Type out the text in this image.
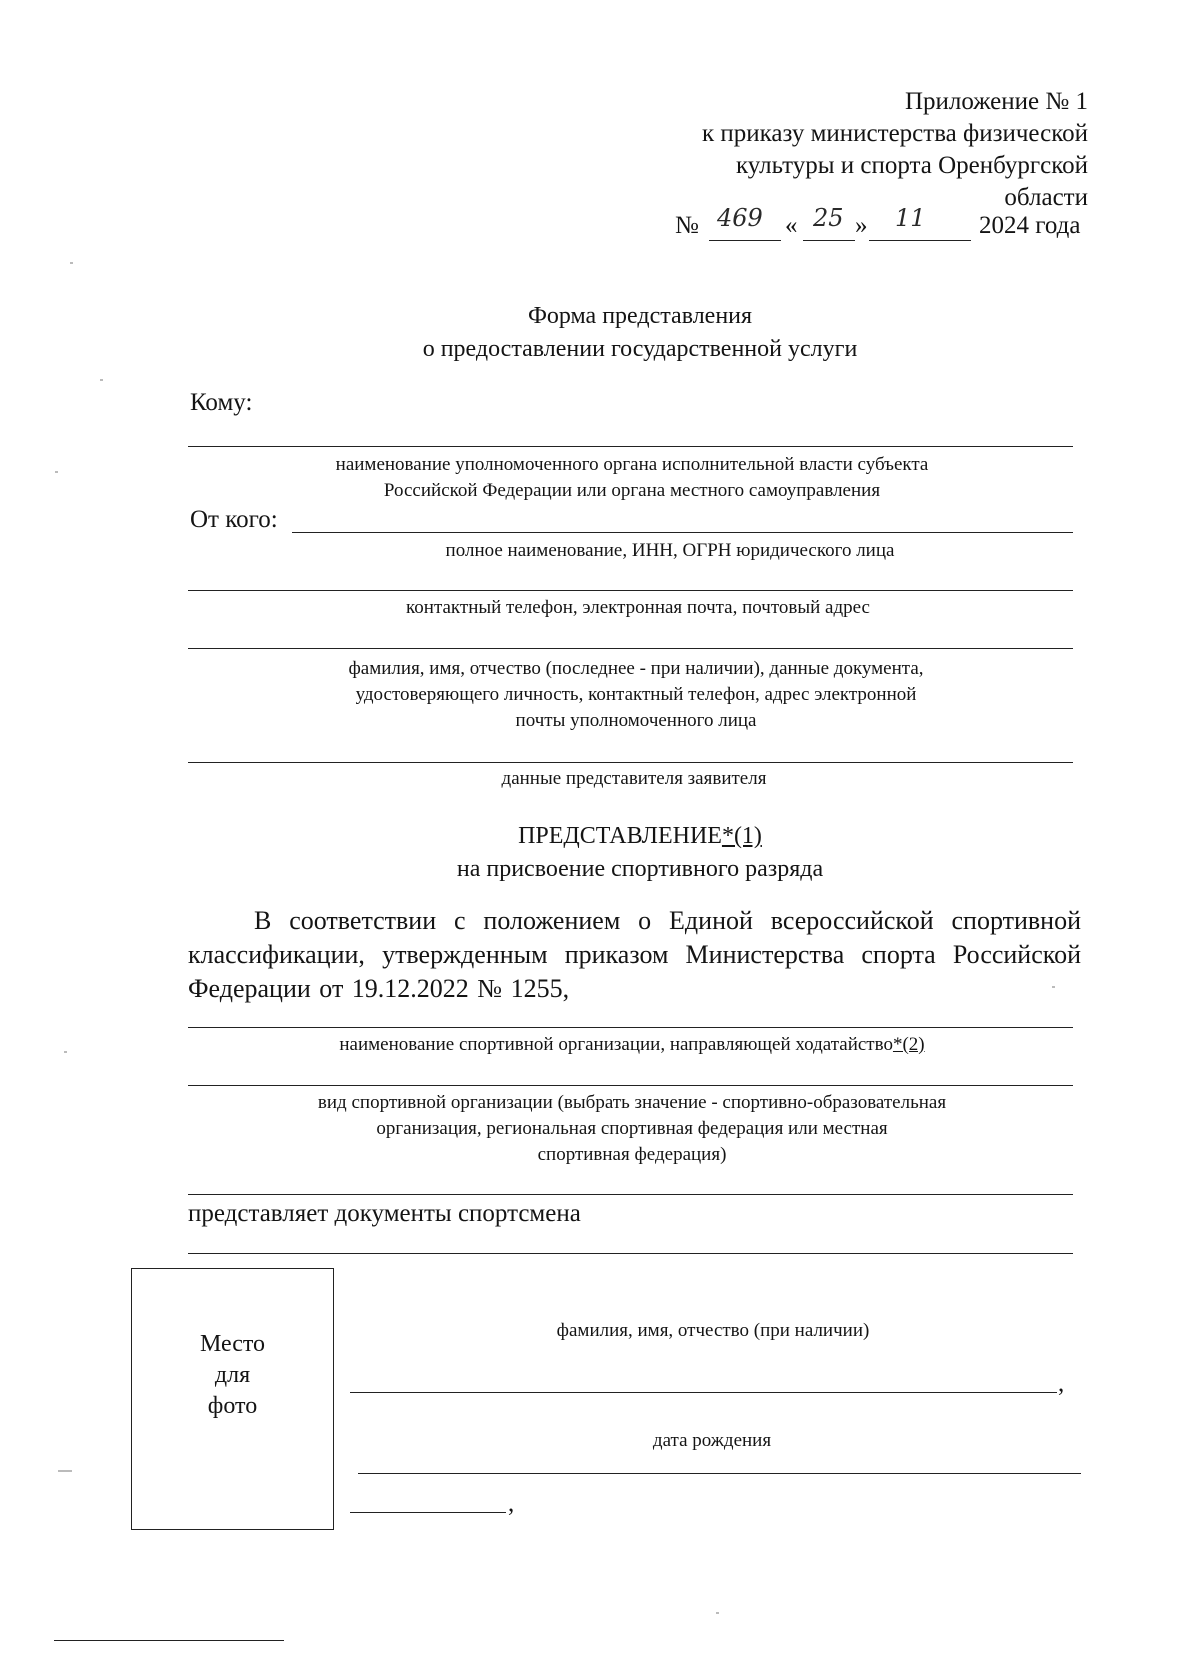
Приложение № 1
к приказу министерства физической
культуры и спорта Оренбургской
области
№ 469 « 25 » 11 2024 года
Форма представления
о предоставлении государственной услуги
Кому:
наименование уполномоченного органа исполнительной власти субъекта
Российской Федерации или органа местного самоуправления
От кого:
полное наименование, ИНН, ОГРН юридического лица
контактный телефон, электронная почта, почтовый адрес
фамилия, имя, отчество (последнее - при наличии), данные документа,
удостоверяющего личность, контактный телефон, адрес электронной
почты уполномоченного лица
данные представителя заявителя
ПРЕДСТАВЛЕНИЕ*(1)
на присвоение спортивного разряда
В соответствии с положением о Единой всероссийской спортивной классификации, утвержденным приказом Министерства спорта Российской Федерации от 19.12.2022 № 1255,
наименование спортивной организации, направляющей ходатайство*(2)
вид спортивной организации (выбрать значение - спортивно-образовательная
организация, региональная спортивная федерация или местная
спортивная федерация)
представляет документы спортсмена
Место
для
фото
фамилия, имя, отчество (при наличии)
,
дата рождения
,
